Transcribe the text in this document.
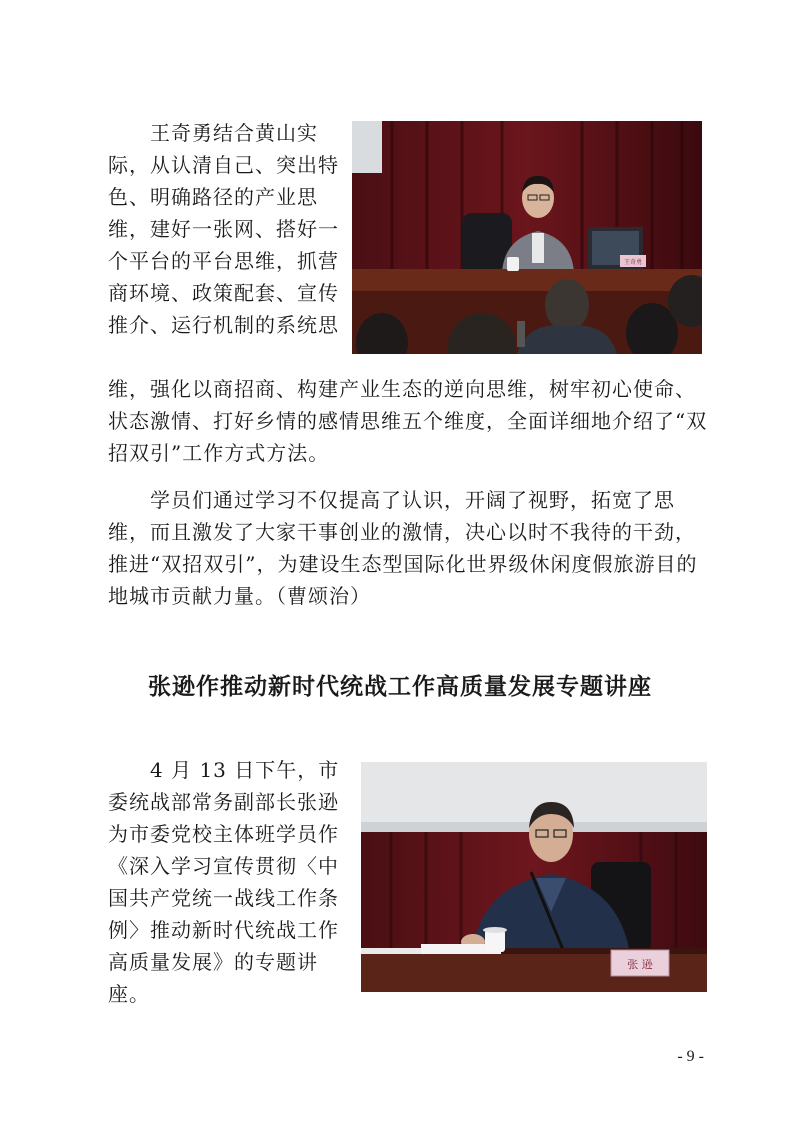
王奇勇结合黄山实际，从认清自己、突出特色、明确路径的产业思维，建好一张网、搭好一个平台的平台思维，抓营商环境、政策配套、宣传推介、运行机制的系统思

王奇勇

维，强化以商招商、构建产业生态的逆向思维，树牢初心使命、状态激情、打好乡情的感情思维五个维度，全面详细地介绍了“双招双引”工作方式方法。

学员们通过学习不仅提高了认识，开阔了视野，拓宽了思维，而且激发了大家干事创业的激情，决心以时不我待的干劲，推进“双招双引”，为建设生态型国际化世界级休闲度假旅游目的地城市贡献力量。（曹颂治）

张逊作推动新时代统战工作高质量发展专题讲座

4 月 13 日下午，市委统战部常务副部长张逊为市委党校主体班学员作《深入学习宣传贯彻〈中国共产党统一战线工作条例〉推动新时代统战工作高质量发展》的专题讲座。

张 逊
- 9 -
